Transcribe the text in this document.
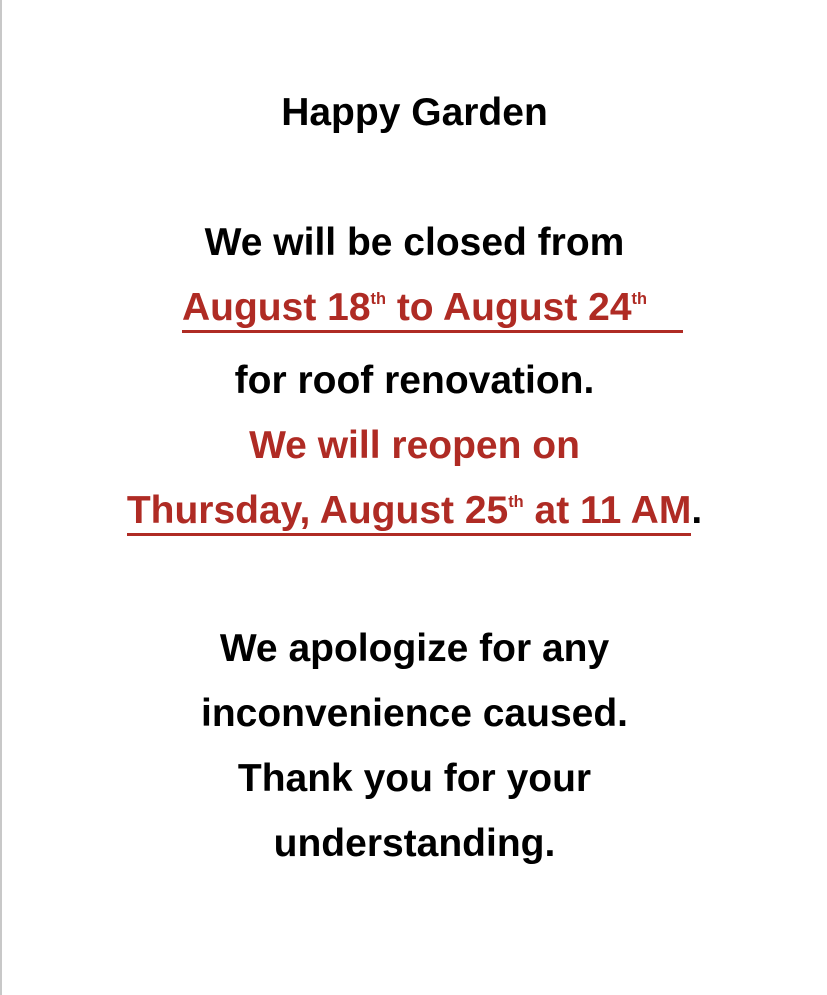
Happy Garden
We will be closed from
August 18th to August 24th
for roof renovation.
We will reopen on
Thursday, August 25th at 11 AM.
We apologize for any
inconvenience caused.
Thank you for your
understanding.
